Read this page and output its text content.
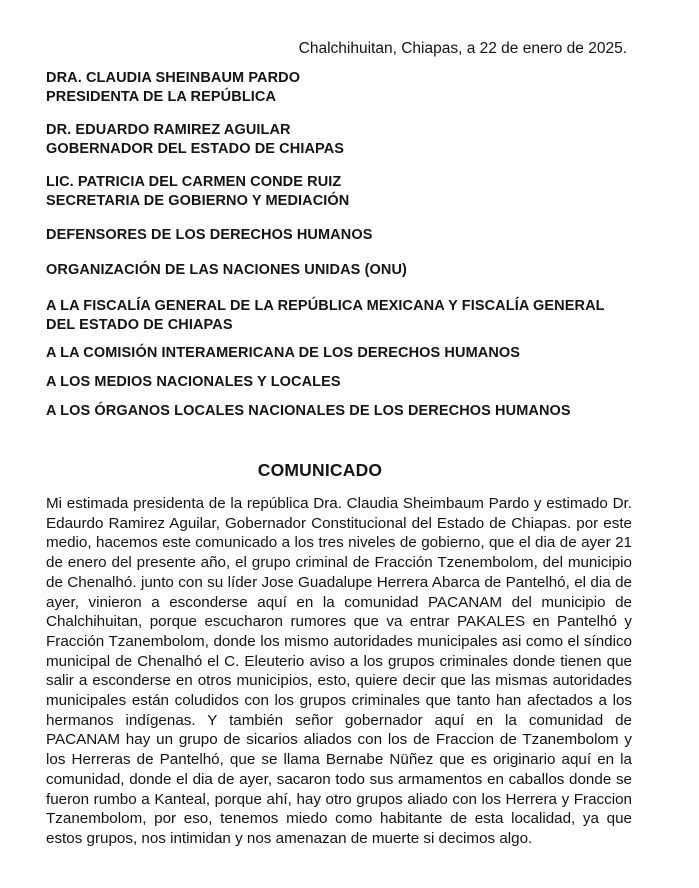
Chalchihuitan, Chiapas, a 22 de enero de 2025.

DRA. CLAUDIA SHEINBAUM PARDO
PRESIDENTA DE LA REPÚBLICA

DR. EDUARDO RAMIREZ AGUILAR
GOBERNADOR DEL ESTADO DE CHIAPAS

LIC. PATRICIA DEL CARMEN CONDE RUIZ
SECRETARIA DE GOBIERNO Y MEDIACIÓN

DEFENSORES DE LOS DERECHOS HUMANOS

ORGANIZACIÓN DE LAS NACIONES UNIDAS (ONU)

A LA FISCALÍA GENERAL DE LA REPÚBLICA MEXICANA Y FISCALÍA GENERAL
DEL ESTADO DE CHIAPAS

A LA COMISIÓN INTERAMERICANA DE LOS DERECHOS HUMANOS

A LOS MEDIOS NACIONALES Y LOCALES

A LOS ÓRGANOS LOCALES NACIONALES DE LOS DERECHOS HUMANOS

COMUNICADO

Mi estimada presidenta de la república Dra. Claudia Sheimbaum Pardo y estimado Dr. Edaurdo Ramirez Aguilar, Gobernador Constitucional del Estado de Chiapas. por este medio, hacemos este comunicado a los tres niveles de gobierno, que el dia de ayer 21 de enero del presente año, el grupo criminal de Fracción Tzenembolom, del municipio de Chenalhó. junto con su líder Jose Guadalupe Herrera Abarca de Pantelhó, el dia de ayer, vinieron a esconderse aquí en la comunidad PACANAM del municipio de Chalchihuitan, porque escucharon rumores que va entrar PAKALES en Pantelhó y Fracción Tzanembolom, donde los mismo autoridades municipales asi como el síndico municipal de Chenalhó el C. Eleuterio aviso a los grupos criminales donde tienen que salir a esconderse en otros municipios, esto, quiere decir que las mismas autoridades municipales están coludidos con los grupos criminales que tanto han afectados a los hermanos indígenas. Y también señor gobernador aquí en la comunidad de PACANAM hay un grupo de sicarios aliados con los de Fraccion de Tzanembolom y los Herreras de Pantelhó, que se llama Bernabe Nüñez que es originario aquí en la comunidad, donde el dia de ayer, sacaron todo sus armamentos en caballos donde se fueron rumbo a Kanteal, porque ahí, hay otro grupos aliado con los Herrera y Fraccion Tzanembolom, por eso, tenemos miedo como habitante de esta localidad, ya que estos grupos, nos intimidan y nos amenazan de muerte si decimos algo.
